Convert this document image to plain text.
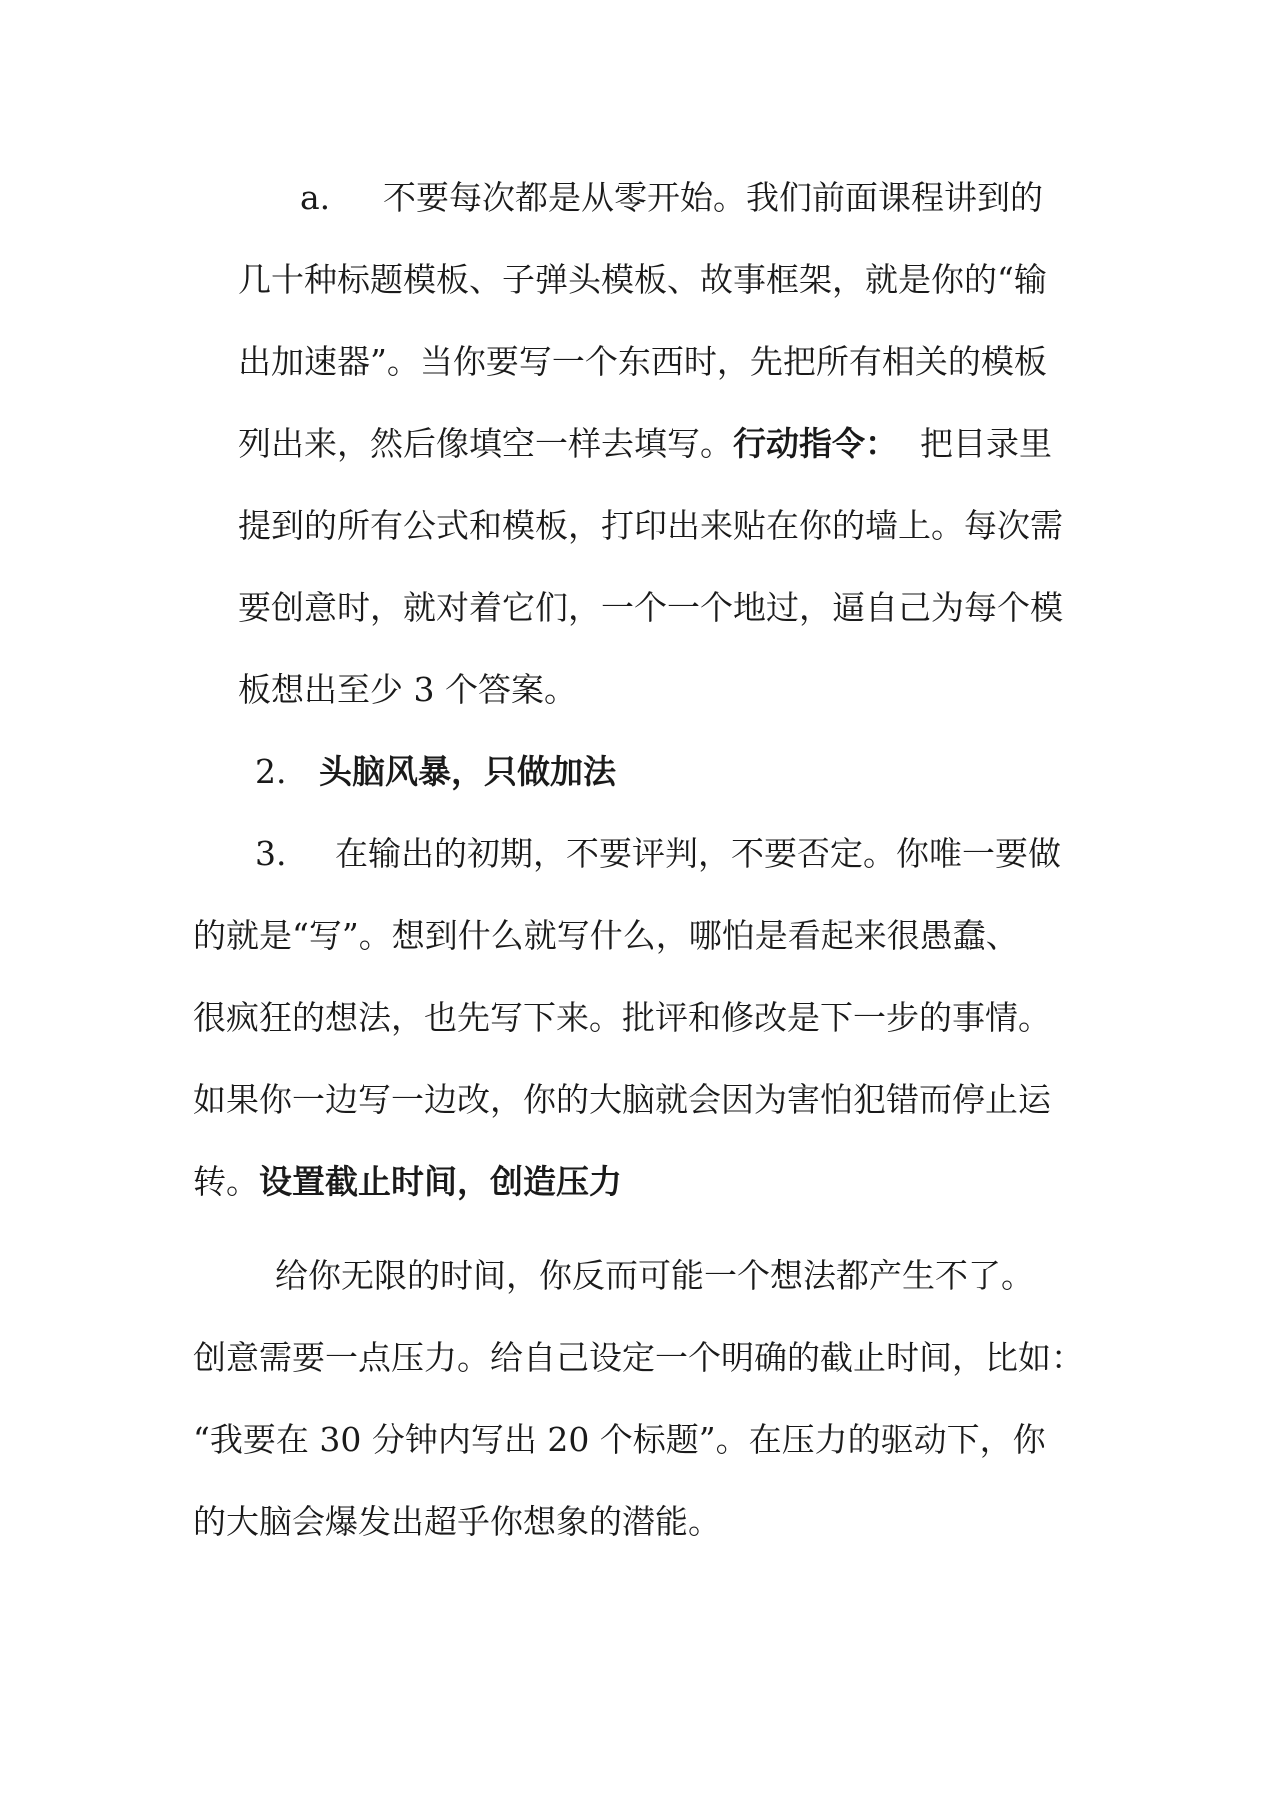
a. 不要每次都是从零开始。我们前面课程讲到的

几十种标题模板、子弹头模板、故事框架，就是你的“输

出加速器”。当你要写一个东西时，先把所有相关的模板

列出来，然后像填空一样去填写。 行动指令： 把目录里

提到的所有公式和模板，打印出来贴在你的墙上。每次需

要创意时，就对着它们，一个一个地过，逼自己为每个模

板想出至少 3 个答案。

2. 头脑风暴，只做加法

3. 在输出的初期，不要评判，不要否定。你唯一要做

的就是“写”。想到什么就写什么，哪怕是看起来很愚蠢、

很疯狂的想法，也先写下来。批评和修改是下一步的事情。

如果你一边写一边改，你的大脑就会因为害怕犯错而停止运

转。 设置截止时间，创造压力

给你无限的时间，你反而可能一个想法都产生不了。

创意需要一点压力。给自己设定一个明确的截止时间，比如：

“我要在 30 分钟内写出 20 个标题”。在压力的驱动下，你

的大脑会爆发出超乎你想象的潜能。
